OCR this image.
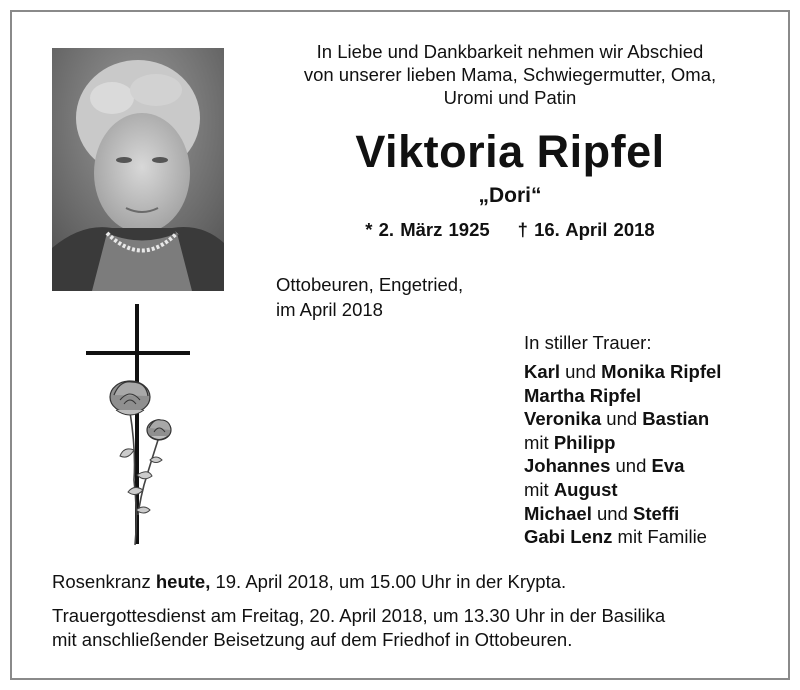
In Liebe und Dankbarkeit nehmen wir Abschied
von unserer lieben Mama, Schwiegermutter, Oma,
Uromi und Patin
Viktoria Ripfel
„Dori“
* 2. März 1925 † 16. April 2018
Ottobeuren, Engetried,
im April 2018
In stiller Trauer:
Karl und Monika Ripfel
Martha Ripfel
Veronika und Bastian
mit Philipp
Johannes und Eva
mit August
Michael und Steffi
Gabi Lenz mit Familie
Rosenkranz heute, 19. April 2018, um 15.00 Uhr in der Krypta.
Trauergottesdienst am Freitag, 20. April 2018, um 13.30 Uhr in der Basilika
mit anschließender Beisetzung auf dem Friedhof in Ottobeuren.
